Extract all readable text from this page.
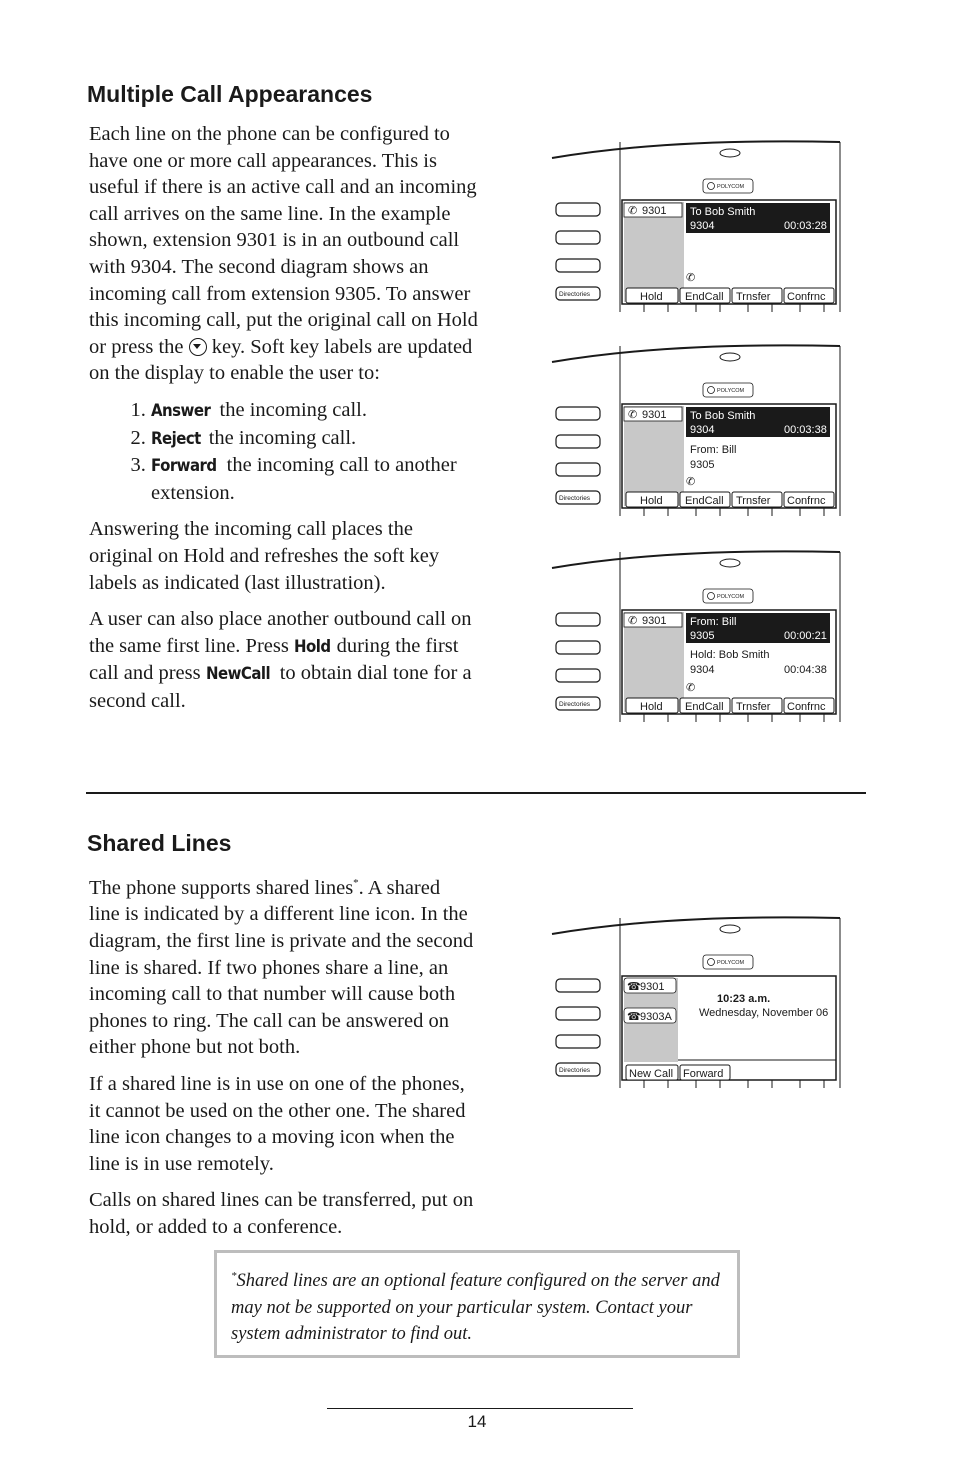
Multiple Call Appearances

Each line on the phone can be configured to have one or more call appearances. This is useful if there is an active call and an incoming call arrives on the same line. In the example shown, extension 9301 is in an outbound call with 9304. The second diagram shows an incoming call from extension 9305. To answer this incoming call, put the original call on Hold or press the  key. Soft key labels are updated on the display to enable the user to:

1. Answer the incoming call.
2. Reject the incoming call.
3. Forward the incoming call to another extension.

Answering the incoming call places the original on Hold and refreshes the soft key labels as indicated (last illustration).

A user can also place another outbound call on the same first line. Press Hold during the first call and press NewCall to obtain dial tone for a second call.

POLYCOM
✆ 9301 To Bob Smith
9304	00:03:28
✆
Hold EndCall Trnsfer Confrnc
Directories
POLYCOM
✆ 9301 To Bob Smith
9304	00:03:38
From: Bill
9305
✆
Hold EndCall Trnsfer Confrnc
Directories
POLYCOM
✆ 9301 From: Bill
9305	00:00:21
Hold: Bob Smith
9304	00:04:38
✆
Hold EndCall Trnsfer Confrnc
Directories
Shared Lines

The phone supports shared lines*. A shared line is indicated by a different line icon. In the diagram, the first line is private and the second line is shared. If two phones share a line, an incoming call to that number will cause both phones to ring. The call can be answered on either phone but not both.

If a shared line is in use on one of the phones, it cannot be used on the other one. The shared line icon changes to a moving icon when the line is in use remotely.

Calls on shared lines can be transferred, put on hold, or added to a conference.

POLYCOM
☎ 9301
☎ 9303A
10:23 a.m.
Wednesday, November 06
New Call Forward
Directories
*Shared lines are an optional feature configured on the server and may not be supported on your particular system. Contact your system administrator to find out.
14
